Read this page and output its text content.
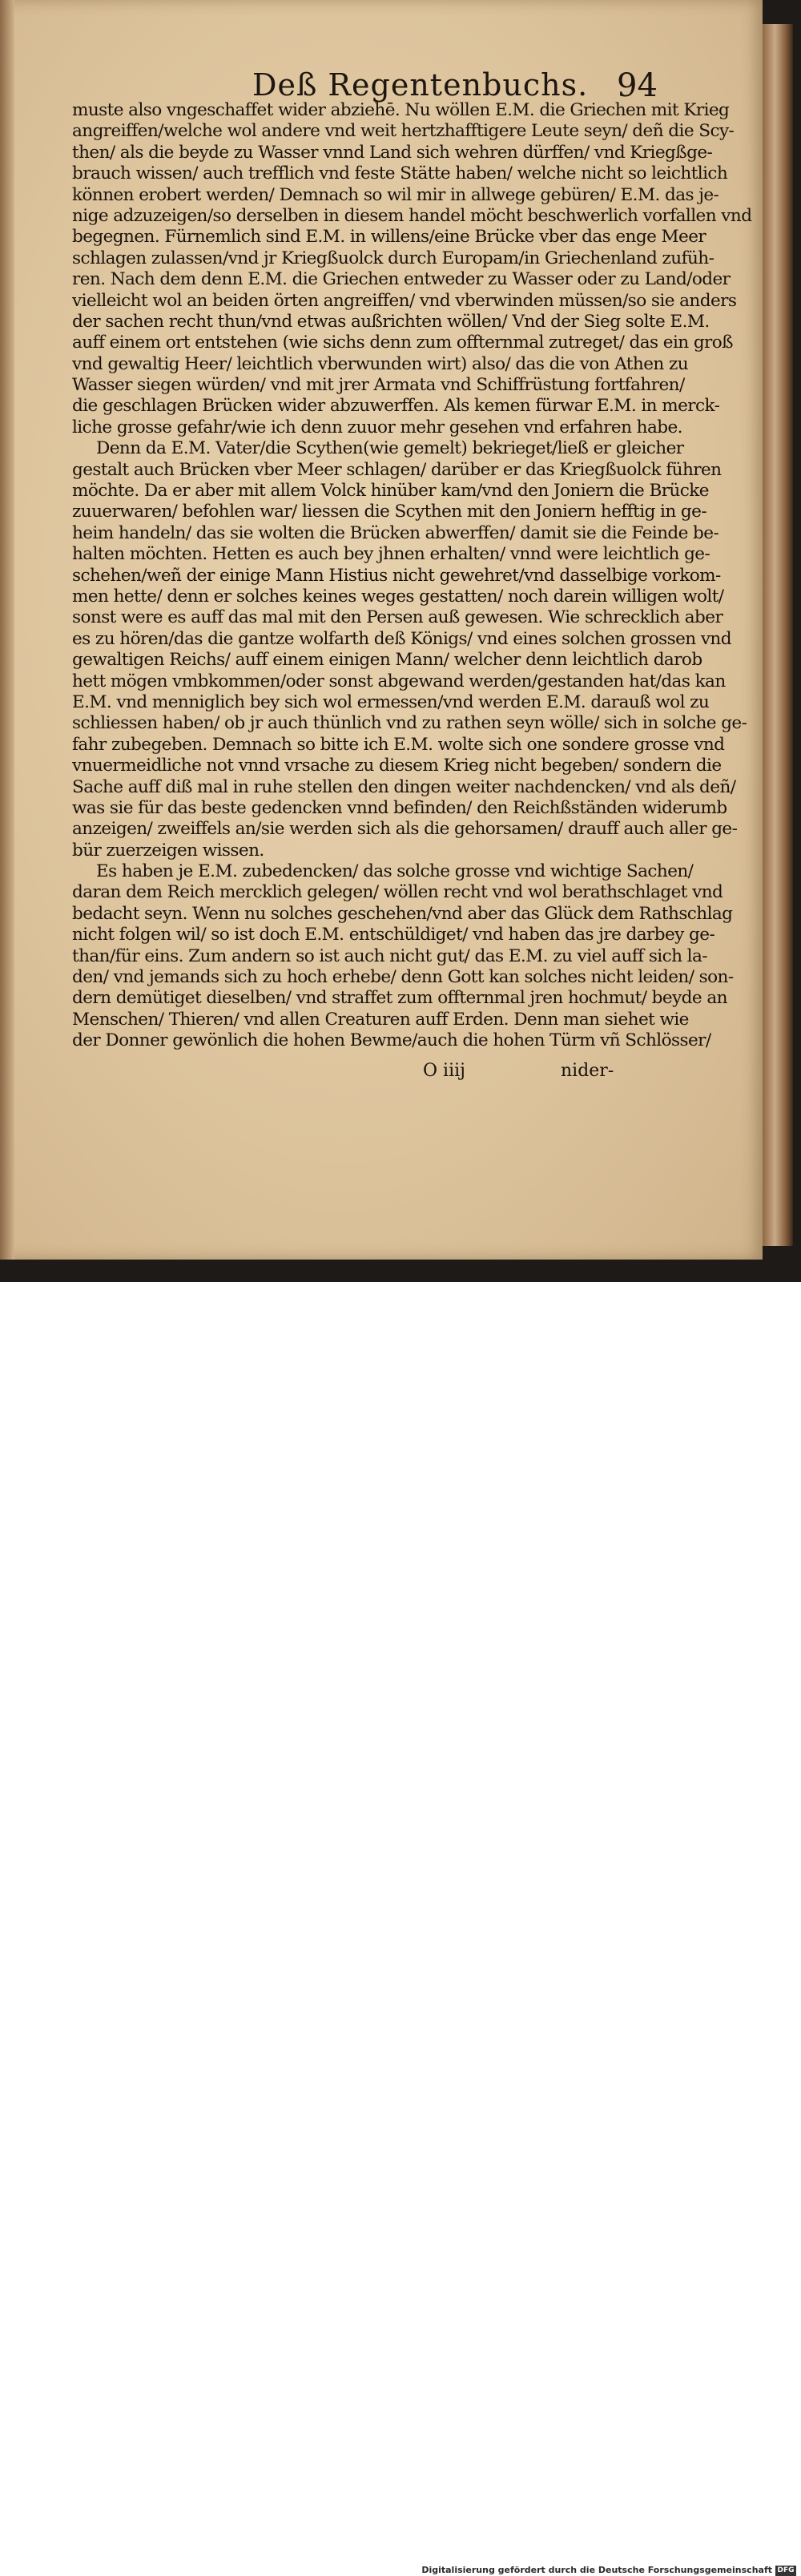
Deß Regentenbuchs. 94
muste also vngeschaffet wider abziehē. Nu wöllen E.M. die Griechen mit Krieg
angreiffen/welche wol andere vnd weit hertzhafftigere Leute seyn/ deñ die Scy-
then/ als die beyde zu Wasser vnnd Land sich wehren dürffen/ vnd Kriegßge-
brauch wissen/ auch trefflich vnd feste Stätte haben/ welche nicht so leichtlich
können erobert werden/ Demnach so wil mir in allwege gebüren/ E.M. das je-
nige adzuzeigen/so derselben in diesem handel möcht beschwerlich vorfallen vnd
begegnen. Fürnemlich sind E.M. in willens/eine Brücke vber das enge Meer
schlagen zulassen/vnd jr Kriegßuolck durch Europam/in Griechenland zufüh-
ren. Nach dem denn E.M. die Griechen entweder zu Wasser oder zu Land/oder
vielleicht wol an beiden örten angreiffen/ vnd vberwinden müssen/so sie anders
der sachen recht thun/vnd etwas außrichten wöllen/ Vnd der Sieg solte E.M.
auff einem ort entstehen (wie sichs denn zum offternmal zutreget/ das ein groß
vnd gewaltig Heer/ leichtlich vberwunden wirt) also/ das die von Athen zu
Wasser siegen würden/ vnd mit jrer Armata vnd Schiffrüstung fortfahren/
die geschlagen Brücken wider abzuwerffen. Als kemen fürwar E.M. in merck-
liche grosse gefahr/wie ich denn zuuor mehr gesehen vnd erfahren habe.
Denn da E.M. Vater/die Scythen(wie gemelt) bekrieget/ließ er gleicher
gestalt auch Brücken vber Meer schlagen/ darüber er das Kriegßuolck führen
möchte. Da er aber mit allem Volck hinüber kam/vnd den Joniern die Brücke
zuuerwaren/ befohlen war/ liessen die Scythen mit den Joniern hefftig in ge-
heim handeln/ das sie wolten die Brücken abwerffen/ damit sie die Feinde be-
halten möchten. Hetten es auch bey jhnen erhalten/ vnnd were leichtlich ge-
schehen/weñ der einige Mann Histius nicht gewehret/vnd dasselbige vorkom-
men hette/ denn er solches keines weges gestatten/ noch darein willigen wolt/
sonst were es auff das mal mit den Persen auß gewesen. Wie schrecklich aber
es zu hören/das die gantze wolfarth deß Königs/ vnd eines solchen grossen vnd
gewaltigen Reichs/ auff einem einigen Mann/ welcher denn leichtlich darob
hett mögen vmbkommen/oder sonst abgewand werden/gestanden hat/das kan
E.M. vnd menniglich bey sich wol ermessen/vnd werden E.M. darauß wol zu
schliessen haben/ ob jr auch thünlich vnd zu rathen seyn wölle/ sich in solche ge-
fahr zubegeben. Demnach so bitte ich E.M. wolte sich one sondere grosse vnd
vnuermeidliche not vnnd vrsache zu diesem Krieg nicht begeben/ sondern die
Sache auff diß mal in ruhe stellen den dingen weiter nachdencken/ vnd als deñ/
was sie für das beste gedencken vnnd befinden/ den Reichßständen widerumb
anzeigen/ zweiffels an/sie werden sich als die gehorsamen/ drauff auch aller ge-
bür zuerzeigen wissen.
Es haben je E.M. zubedencken/ das solche grosse vnd wichtige Sachen/
daran dem Reich mercklich gelegen/ wöllen recht vnd wol berathschlaget vnd
bedacht seyn. Wenn nu solches geschehen/vnd aber das Glück dem Rathschlag
nicht folgen wil/ so ist doch E.M. entschüldiget/ vnd haben das jre darbey ge-
than/für eins. Zum andern so ist auch nicht gut/ das E.M. zu viel auff sich la-
den/ vnd jemands sich zu hoch erhebe/ denn Gott kan solches nicht leiden/ son-
dern demütiget dieselben/ vnd straffet zum offternmal jren hochmut/ beyde an
Menschen/ Thieren/ vnd allen Creaturen auff Erden. Denn man siehet wie
der Donner gewönlich die hohen Bewme/auch die hohen Türm vñ Schlösser/
O iiij	nider-
Digitalisierung gefördert durch die Deutsche Forschungsgemeinschaft DFG
